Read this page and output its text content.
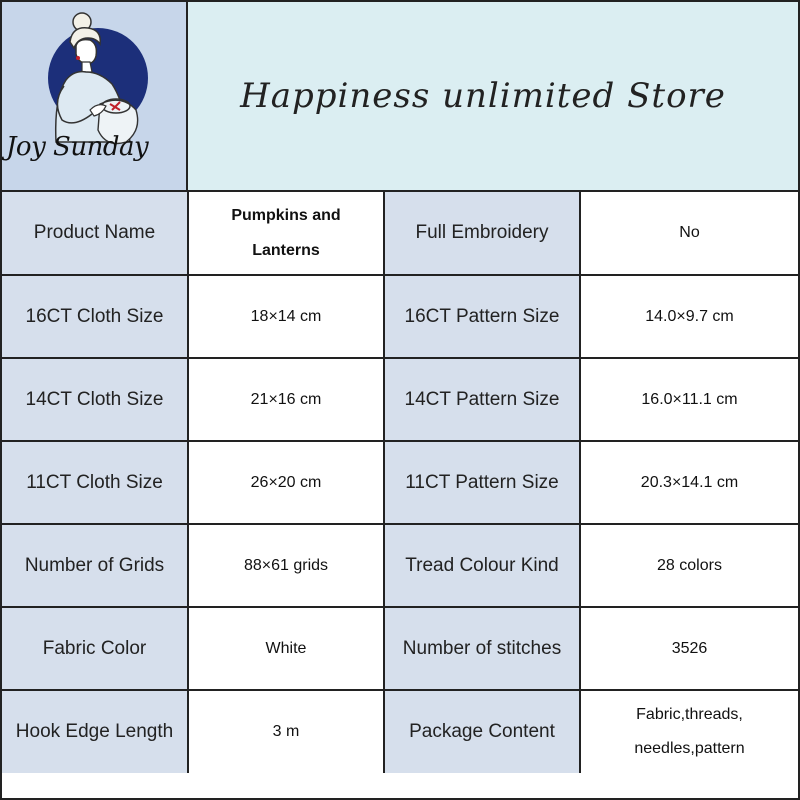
Joy Sunday
Happiness unlimited Store
Product Name	Pumpkins and Lanterns	Full Embroidery	No
16CT Cloth Size	18×14 cm	16CT Pattern Size	14.0×9.7 cm
14CT Cloth Size	21×16 cm	14CT Pattern Size	16.0×11.1 cm
11CT Cloth Size	26×20 cm	11CT Pattern Size	20.3×14.1 cm
Number of Grids	88×61 grids	Tread Colour Kind	28 colors
Fabric Color	White	Number of stitches	3526
Hook Edge Length	3 m	Package Content	Fabric,threads, needles,pattern
